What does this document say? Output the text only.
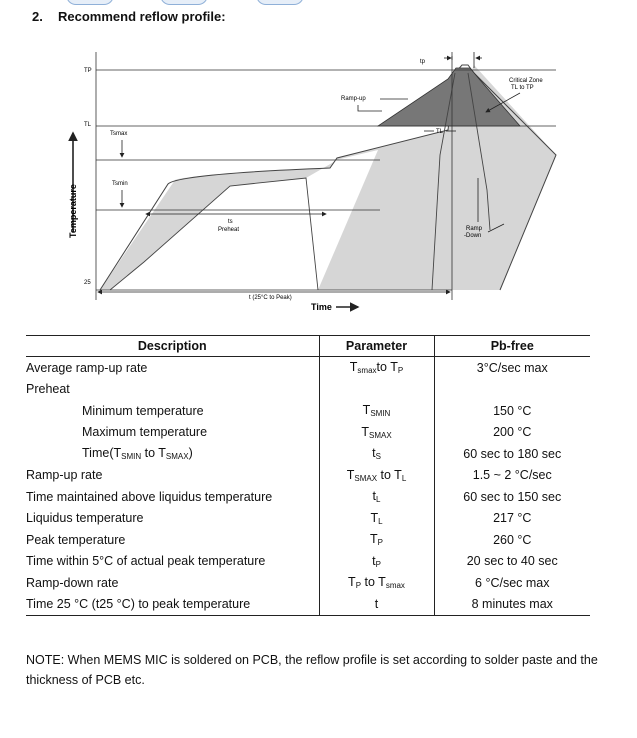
2. Recommend reflow profile:
TP
TL
Tsmax
Tsmin
25
ts
Preheat
t (25°C to Peak)
tp
TL
Ramp-up
Ramp
-Down
Critical Zone
TL to TP
Temperature
Time
Description	Parameter	Pb-free
Average ramp-up rate	$T_{smax}to$ $T_P$	3°C/sec max
Preheat		
Minimum temperature	$T_{SMIN}$	150 °C
Maximum temperature	$T_{SMAX}$	200 °C
$Time(T_{SMIN}$ to $T_{SMAX}$)	$t_S$	60 sec to 180 sec
Ramp-up rate	$T_{SMAX}$ to $T_L$	1.5 ~ 2 °C/sec
Time maintained above liquidus temperature	$t_L$	60 sec to 150 sec
Liquidus temperature	$T_L$	217 °C
Peak temperature	$T_P$	260 °C
Time within 5°C of actual peak temperature	$t_P$	20 sec to 40 sec
Ramp-down rate	$T_P$ to $T_{smax}$	6 °C/sec max
Time 25 °C (t25 °C) to peak temperature	t	8 minutes max
NOTE: When MEMS MIC is soldered on PCB, the reflow profile is set according to solder paste and the thickness of PCB etc.
